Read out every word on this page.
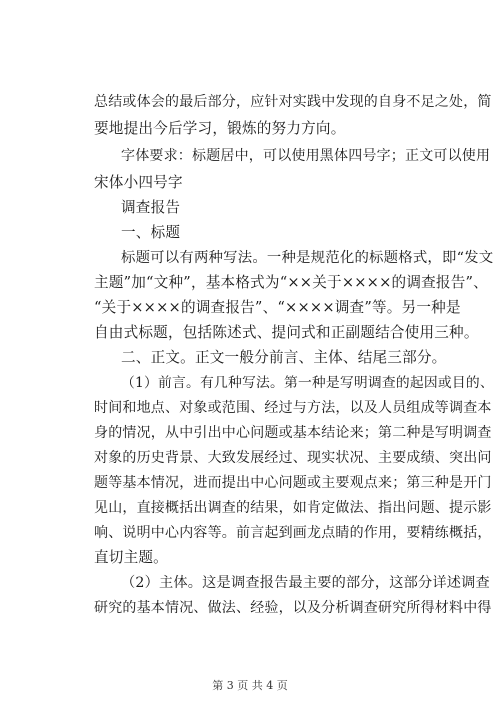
总结或体会的最后部分，应针对实践中发现的自身不足之处，简
要地提出今后学习，锻炼的努力方向。
字体要求：标题居中，可以使用黑体四号字；正文可以使用
宋体小四号字
调查报告
一、标题
标题可以有两种写法。一种是规范化的标题格式，即“发文
主题”加“文种”，基本格式为“××关于××××的调查报告”、
“关于××××的调查报告”、“××××调查”等。另一种是
自由式标题，包括陈述式、提问式和正副题结合使用三种。
二、正文。正文一般分前言、主体、结尾三部分。
（1）前言。有几种写法。第一种是写明调查的起因或目的、
时间和地点、对象或范围、经过与方法，以及人员组成等调查本
身的情况，从中引出中心问题或基本结论来；第二种是写明调查
对象的历史背景、大致发展经过、现实状况、主要成绩、突出问
题等基本情况，进而提出中心问题或主要观点来；第三种是开门
见山，直接概括出调查的结果，如肯定做法、指出问题、提示影
响、说明中心内容等。前言起到画龙点睛的作用，要精练概括，
直切主题。
（2）主体。这是调查报告最主要的部分，这部分详述调查
研究的基本情况、做法、经验，以及分析调查研究所得材料中得
第 3 页 共 4 页
